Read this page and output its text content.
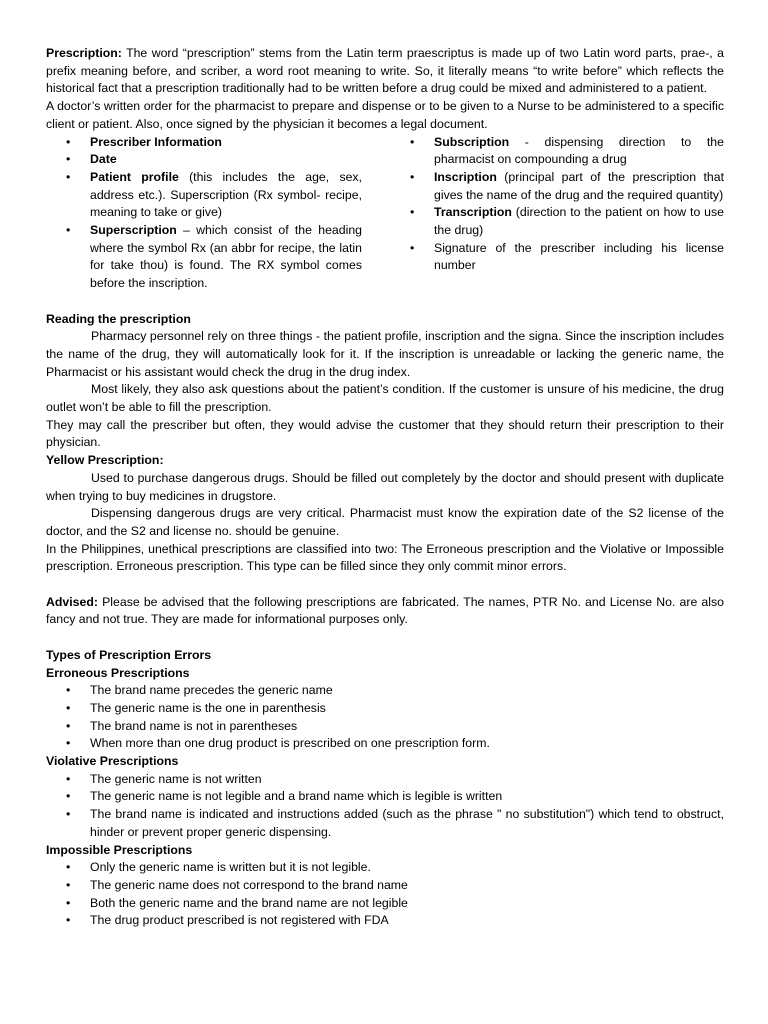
Prescription: The word “prescription” stems from the Latin term praescriptus is made up of two Latin word parts, prae-, a prefix meaning before, and scriber, a word root meaning to write. So, it literally means “to write before” which reflects the historical fact that a prescription traditionally had to be written before a drug could be mixed and administered to a patient.

A doctor’s written order for the pharmacist to prepare and dispense or to be given to a Nurse to be administered to a specific client or patient. Also, once signed by the physician it becomes a legal document.

• Prescriber Information
• Date
• Patient profile (this includes the age, sex, address etc.). Superscription (Rx symbol- recipe, meaning to take or give)
• Superscription – which consist of the heading where the symbol Rx (an abbr for recipe, the latin for take thou) is found. The RX symbol comes before the inscription.
• Subscription - dispensing direction to the pharmacist on compounding a drug
• Inscription (principal part of the prescription that gives the name of the drug and the required quantity)
• Transcription (direction to the patient on how to use the drug)
• Signature of the prescriber including his license number

Reading the prescription

Pharmacy personnel rely on three things - the patient profile, inscription and the signa. Since the inscription includes the name of the drug, they will automatically look for it. If the inscription is unreadable or lacking the generic name, the Pharmacist or his assistant would check the drug in the drug index.

Most likely, they also ask questions about the patient’s condition. If the customer is unsure of his medicine, the drug outlet won’t be able to fill the prescription.

They may call the prescriber but often, they would advise the customer that they should return their prescription to their physician.

Yellow Prescription:

Used to purchase dangerous drugs. Should be filled out completely by the doctor and should present with duplicate when trying to buy medicines in drugstore.

Dispensing dangerous drugs are very critical. Pharmacist must know the expiration date of the S2 license of the doctor, and the S2 and license no. should be genuine.

In the Philippines, unethical prescriptions are classified into two: The Erroneous prescription and the Violative or Impossible prescription. Erroneous prescription. This type can be filled since they only commit minor errors.

Advised: Please be advised that the following prescriptions are fabricated. The names, PTR No. and License No. are also fancy and not true. They are made for informational purposes only.

Types of Prescription Errors

Erroneous Prescriptions

• The brand name precedes the generic name
• The generic name is the one in parenthesis
• The brand name is not in parentheses
• When more than one drug product is prescribed on one prescription form.

Violative Prescriptions

• The generic name is not written
• The generic name is not legible and a brand name which is legible is written
• The brand name is indicated and instructions added (such as the phrase " no substitution") which tend to obstruct, hinder or prevent proper generic dispensing.

Impossible Prescriptions

• Only the generic name is written but it is not legible.
• The generic name does not correspond to the brand name
• Both the generic name and the brand name are not legible
• The drug product prescribed is not registered with FDA
